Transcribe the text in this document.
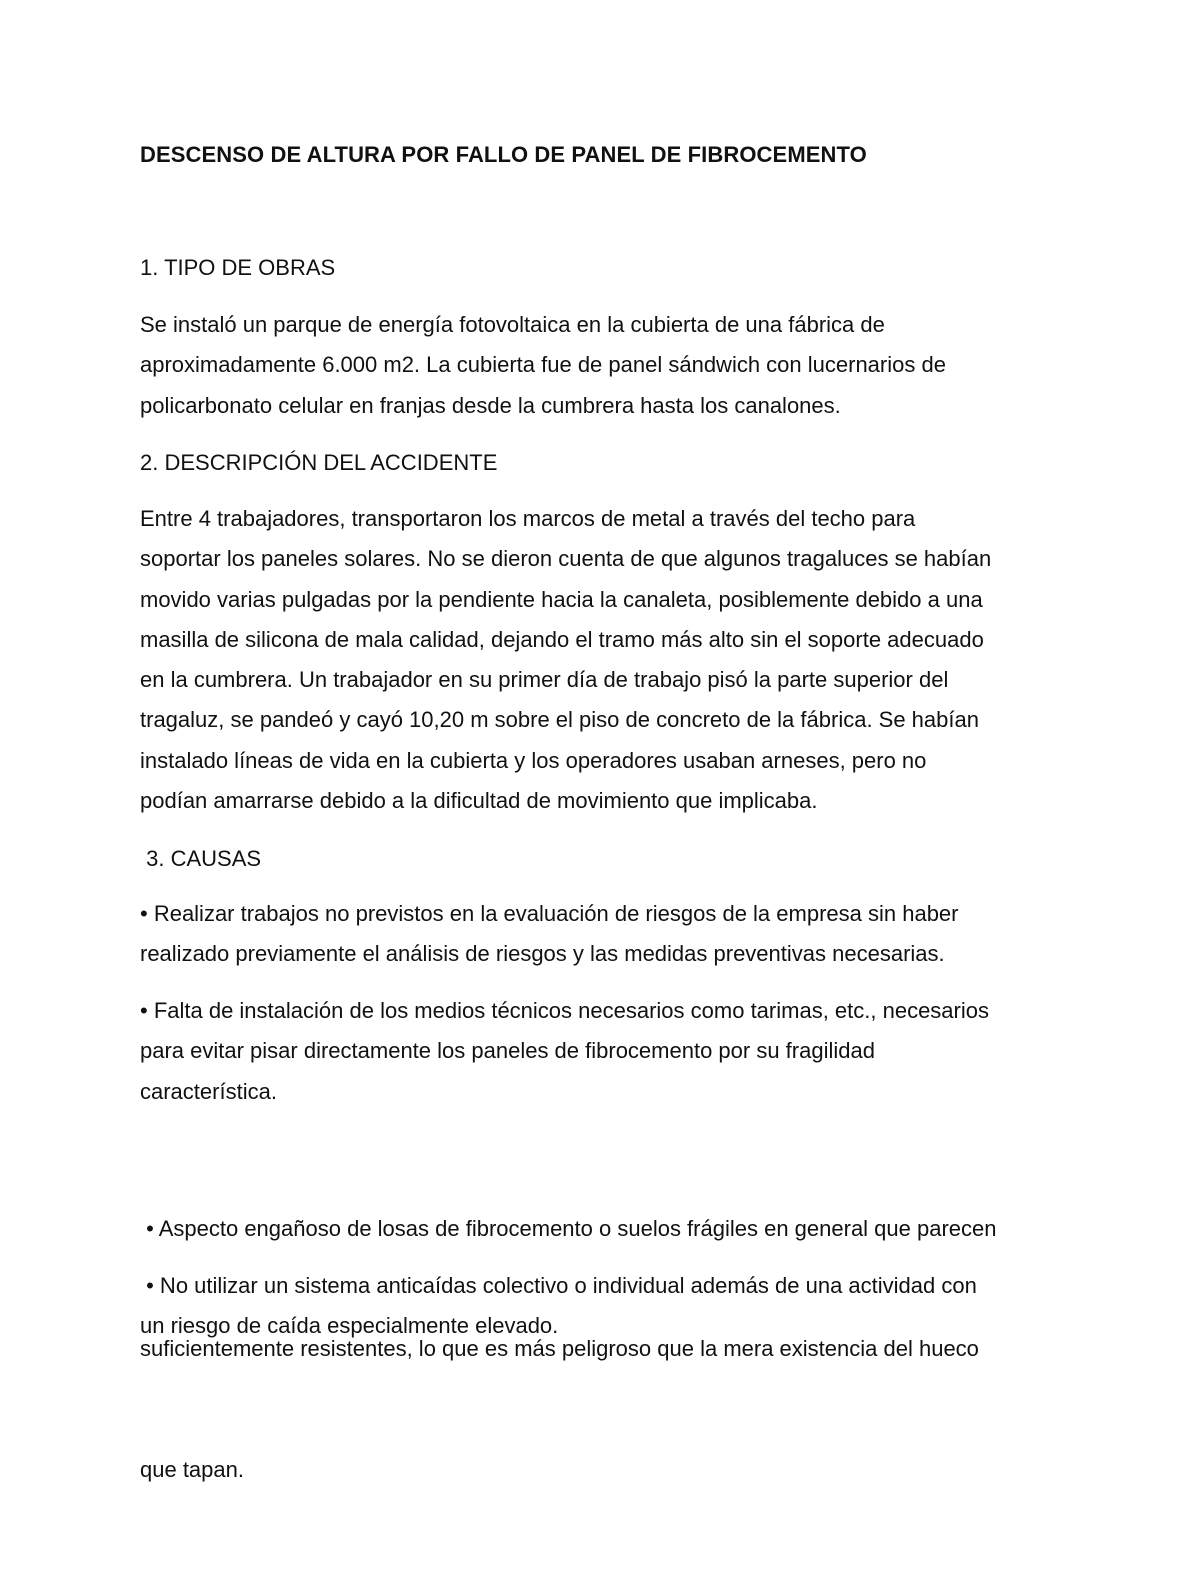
DESCENSO DE ALTURA POR FALLO DE PANEL DE FIBROCEMENTO
1. TIPO DE OBRAS

Se instaló un parque de energía fotovoltaica en la cubierta de una fábrica de
aproximadamente 6.000 m2. La cubierta fue de panel sándwich con lucernarios de
policarbonato celular en franjas desde la cumbrera hasta los canalones.

2. DESCRIPCIÓN DEL ACCIDENTE

Entre 4 trabajadores, transportaron los marcos de metal a través del techo para
soportar los paneles solares. No se dieron cuenta de que algunos tragaluces se habían
movido varias pulgadas por la pendiente hacia la canaleta, posiblemente debido a una
masilla de silicona de mala calidad, dejando el tramo más alto sin el soporte adecuado
en la cumbrera. Un trabajador en su primer día de trabajo pisó la parte superior del
tragaluz, se pandeó y cayó 10,20 m sobre el piso de concreto de la fábrica. Se habían
instalado líneas de vida en la cubierta y los operadores usaban arneses, pero no
podían amarrarse debido a la dificultad de movimiento que implicaba.

3. CAUSAS

• Realizar trabajos no previstos en la evaluación de riesgos de la empresa sin haber
realizado previamente el análisis de riesgos y las medidas preventivas necesarias.

• Falta de instalación de los medios técnicos necesarios como tarimas, etc., necesarios
para evitar pisar directamente los paneles de fibrocemento por su fragilidad
característica.

• Aspecto engañoso de losas de fibrocemento o suelos frágiles en general que parecen

suficientemente resistentes, lo que es más peligroso que la mera existencia del hueco

que tapan.

• No utilizar un sistema anticaídas colectivo o individual además de una actividad con
un riesgo de caída especialmente elevado.
